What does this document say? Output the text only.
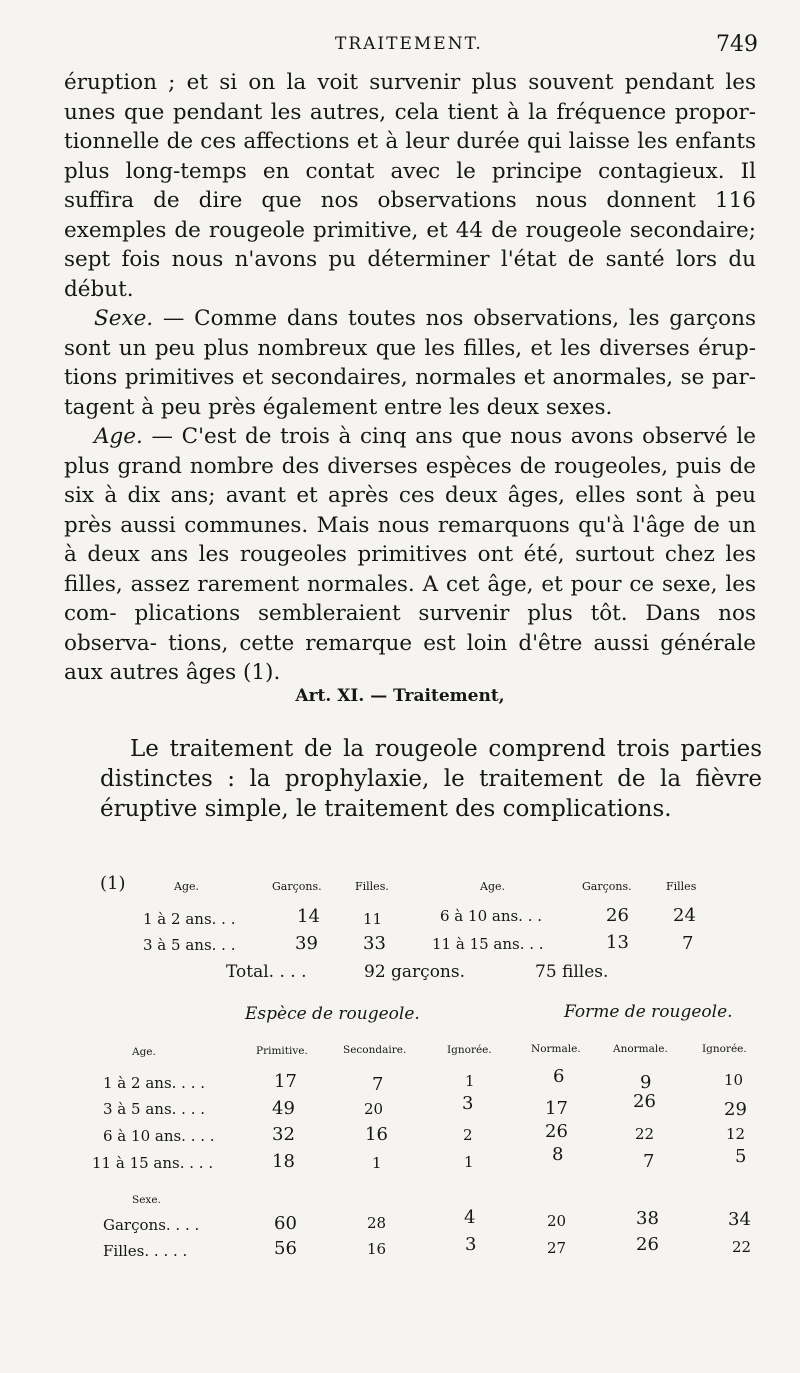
TRAITEMENT.	749

éruption ; et si on la voit survenir plus souvent pendant les unes que pendant les autres, cela tient à la fréquence propor- tionnelle de ces affections et à leur durée qui laisse les enfants plus long-temps en contat avec le principe contagieux. Il suffira de dire que nos observations nous donnent 116 exemples de rougeole primitive, et 44 de rougeole secondaire; sept fois nous n'avons pu déterminer l'état de santé lors du début.

Sexe. — Comme dans toutes nos observations, les garçons sont un peu plus nombreux que les filles, et les diverses érup- tions primitives et secondaires, normales et anormales, se par- tagent à peu près également entre les deux sexes.

Age. — C'est de trois à cinq ans que nous avons observé le plus grand nombre des diverses espèces de rougeoles, puis de six à dix ans; avant et après ces deux âges, elles sont à peu près aussi communes. Mais nous remarquons qu'à l'âge de un à deux ans les rougeoles primitives ont été, surtout chez les filles, assez rarement normales. A cet âge, et pour ce sexe, les com- plications sembleraient survenir plus tôt. Dans nos observa- tions, cette remarque est loin d'être aussi générale aux autres âges (1).

Art. XI. — Traitement,

Le traitement de la rougeole comprend trois parties distinctes : la prophylaxie, le traitement de la fièvre éruptive simple, le traitement des complications.

(1)	Age.	Garçons.	Filles.	Age.	Garçons.	Filles
1 à 2 ans. . .	14	11	6 à 10 ans. . .	26 24
3 à 5 ans. . .	39	33	11 à 15 ans. . .	13	7
Total. . . .	92 garçons.	75 filles.
Espèce de rougeole.	Forme de rougeole.
Age.	Primitive.	Secondaire.	Ignorée.	Normale.	Anormale.	Ignorée.
1 à 2 ans. . . .	17	7	1	6	9	10
3 à 5 ans. . . .	49	20	3	17	26	29
6 à 10 ans. . . .	32	16	2	26	22	12
11 à 15 ans. . . .	18	1	1	8	7	5
Sexe.
Garçons. . . .	60	28	4	20	38	34
Filles. . . . .	56	16	3	27	26	22
